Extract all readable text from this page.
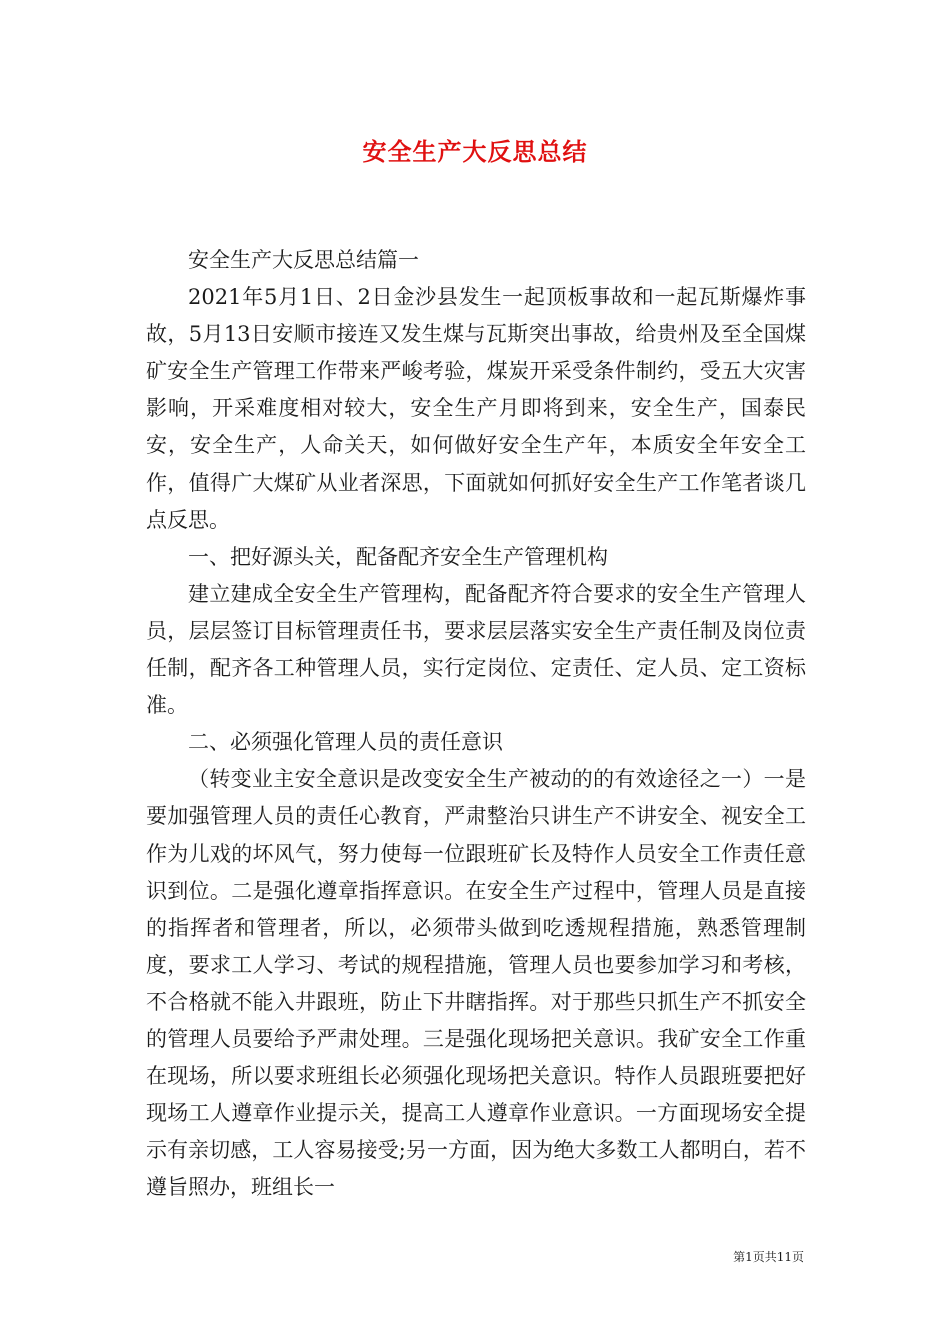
安全生产大反思总结

安全生产大反思总结篇一

2021年5月1日、2日金沙县发生一起顶板事故和一起瓦斯爆炸事故，5月13日安顺市接连又发生煤与瓦斯突出事故，给贵州及至全国煤矿安全生产管理工作带来严峻考验，煤炭开采受条件制约，受五大灾害影响，开采难度相对较大，安全生产月即将到来，安全生产，国泰民安，安全生产，人命关天，如何做好安全生产年，本质安全年安全工作，值得广大煤矿从业者深思，下面就如何抓好安全生产工作笔者谈几点反思。

一、把好源头关，配备配齐安全生产管理机构

建立建成全安全生产管理构，配备配齐符合要求的安全生产管理人员，层层签订目标管理责任书，要求层层落实安全生产责任制及岗位责任制，配齐各工种管理人员，实行定岗位、定责任、定人员、定工资标准。

二、必须强化管理人员的责任意识

（转变业主安全意识是改变安全生产被动的的有效途径之一）一是要加强管理人员的责任心教育，严肃整治只讲生产不讲安全、视安全工作为儿戏的坏风气，努力使每一位跟班矿长及特作人员安全工作责任意识到位。二是强化遵章指挥意识。在安全生产过程中，管理人员是直接的指挥者和管理者，所以，必须带头做到吃透规程措施，熟悉管理制度，要求工人学习、考试的规程措施，管理人员也要参加学习和考核，不合格就不能入井跟班，防止下井瞎指挥。对于那些只抓生产不抓安全的管理人员要给予严肃处理。三是强化现场把关意识。我矿安全工作重在现场，所以要求班组长必须强化现场把关意识。特作人员跟班要把好现场工人遵章作业提示关，提高工人遵章作业意识。一方面现场安全提示有亲切感，工人容易接受;另一方面，因为绝大多数工人都明白，若不遵旨照办，班组长一

第1页共11页
